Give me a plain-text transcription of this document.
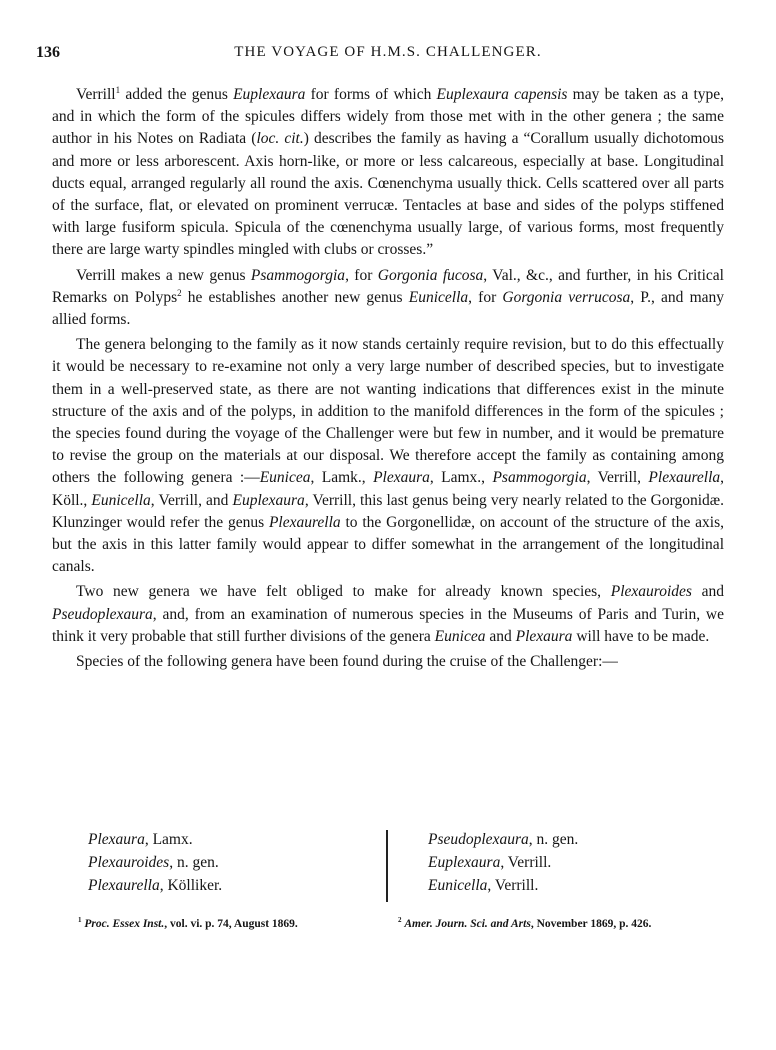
136	THE VOYAGE OF H.M.S. CHALLENGER.

Verrill$^1$ added the genus Euplexaura for forms of which Euplexaura capensis may be taken as a type, and in which the form of the spicules differs widely from those met with in the other genera ; the same author in his Notes on Radiata (loc. cit.) describes the family as having a “Corallum usually dichotomous and more or less arborescent. Axis horn-like, or more or less calcareous, especially at base. Longitudinal ducts equal, arranged regularly all round the axis. Cœnenchyma usually thick. Cells scattered over all parts of the surface, flat, or elevated on prominent verrucæ. Tentacles at base and sides of the polyps stiffened with large fusiform spicula. Spicula of the cœnenchyma usually large, of various forms, most frequently there are large warty spindles mingled with clubs or crosses.”

Verrill makes a new genus Psammogorgia, for Gorgonia fucosa, Val., &c., and further, in his Critical Remarks on Polyps$^2$ he establishes another new genus Eunicella, for Gorgonia verrucosa, P., and many allied forms.

The genera belonging to the family as it now stands certainly require revision, but to do this effectually it would be necessary to re-examine not only a very large number of described species, but to investigate them in a well-preserved state, as there are not wanting indications that differences exist in the minute structure of the axis and of the polyps, in addition to the manifold differences in the form of the spicules ; the species found during the voyage of the Challenger were but few in number, and it would be premature to revise the group on the materials at our disposal. We therefore accept the family as containing among others the following genera :—Eunicea, Lamk., Plexaura, Lamx., Psammogorgia, Verrill, Plexaurella, Köll., Eunicella, Verrill, and Euplexaura, Verrill, this last genus being very nearly related to the Gorgonidæ. Klunzinger would refer the genus Plexaurella to the Gorgonellidæ, on account of the structure of the axis, but the axis in this latter family would appear to differ somewhat in the arrangement of the longitudinal canals.

Two new genera we have felt obliged to make for already known species, Plexauroides and Pseudoplexaura, and, from an examination of numerous species in the Museums of Paris and Turin, we think it very probable that still further divisions of the genera Eunicea and Plexaura will have to be made.

Species of the following genera have been found during the cruise of the Challenger:—

Plexaura, Lamx.
Plexauroides, n. gen.
Plexaurella, Kölliker.
Pseudoplexaura, n. gen.
Euplexaura, Verrill.
Eunicella, Verrill.
$^1$ Proc. Essex Inst., vol. vi. p. 74, August 1869.	$^2$ Amer. Journ. Sci. and Arts, November 1869, p. 426.
